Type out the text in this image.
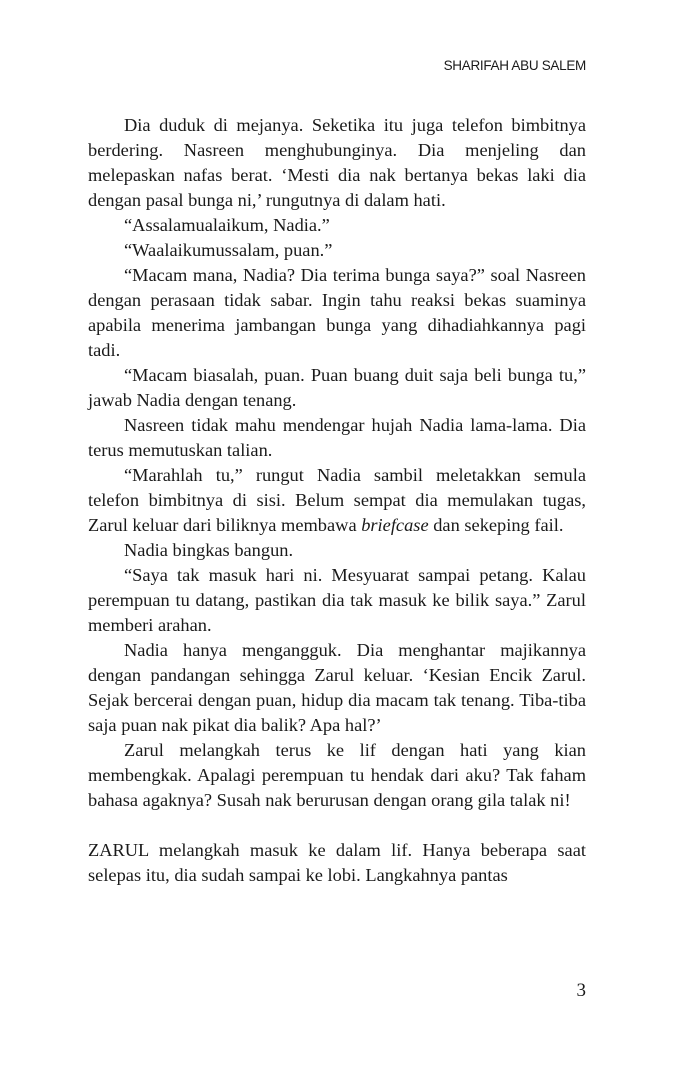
SHARIFAH ABU SALEM

Dia duduk di mejanya. Seketika itu juga telefon bimbitnya berdering. Nasreen menghubunginya. Dia menjeling dan melepaskan nafas berat. ‘Mesti dia nak bertanya bekas laki dia dengan pasal bunga ni,’ rungutnya di dalam hati.

“Assalamualaikum, Nadia.”

“Waalaikumussalam, puan.”

“Macam mana, Nadia? Dia terima bunga saya?” soal Nasreen dengan perasaan tidak sabar. Ingin tahu reaksi bekas suaminya apabila menerima jambangan bunga yang dihadiahkannya pagi tadi.

“Macam biasalah, puan. Puan buang duit saja beli bunga tu,” jawab Nadia dengan tenang.

Nasreen tidak mahu mendengar hujah Nadia lama-lama. Dia terus memutuskan talian.

“Marahlah tu,” rungut Nadia sambil meletakkan semula telefon bimbitnya di sisi. Belum sempat dia memulakan tugas, Zarul keluar dari biliknya membawa briefcase dan sekeping fail.

Nadia bingkas bangun.

“Saya tak masuk hari ni. Mesyuarat sampai petang. Kalau perempuan tu datang, pastikan dia tak masuk ke bilik saya.” Zarul memberi arahan.

Nadia hanya mengangguk. Dia menghantar majikannya dengan pandangan sehingga Zarul keluar. ‘Kesian Encik Zarul. Sejak bercerai dengan puan, hidup dia macam tak tenang. Tiba-tiba saja puan nak pikat dia balik? Apa hal?’

Zarul melangkah terus ke lif dengan hati yang kian membengkak. Apalagi perempuan tu hendak dari aku? Tak faham bahasa agaknya? Susah nak berurusan dengan orang gila talak ni!

ZARUL melangkah masuk ke dalam lif. Hanya beberapa saat selepas itu, dia sudah sampai ke lobi. Langkahnya pantas

3
